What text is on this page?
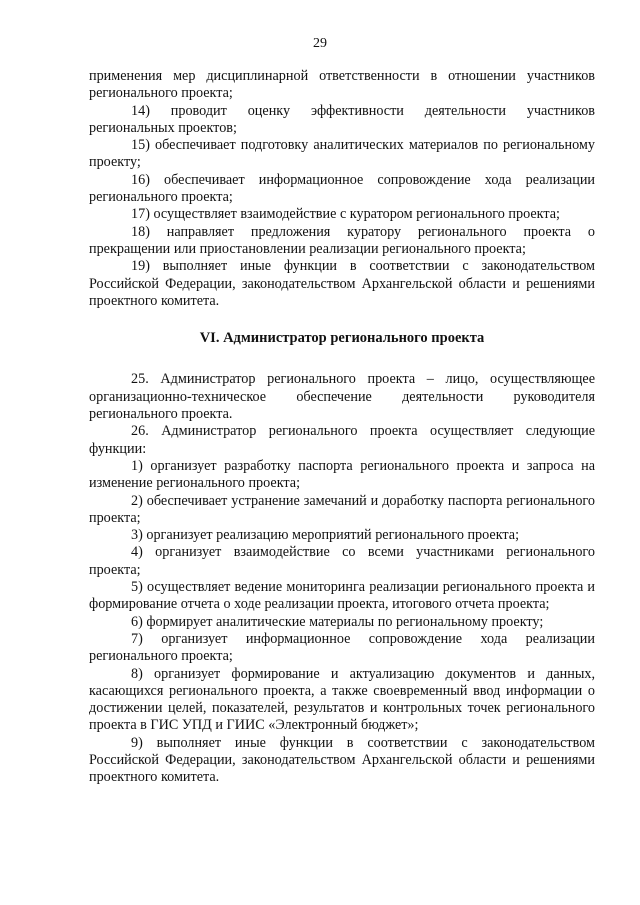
29

применения мер дисциплинарной ответственности в отношении участников регионального проекта;

14) проводит оценку эффективности деятельности участников региональных проектов;

15) обеспечивает подготовку аналитических материалов по региональному проекту;

16) обеспечивает информационное сопровождение хода реализации регионального проекта;

17) осуществляет взаимодействие с куратором регионального проекта;

18) направляет предложения куратору регионального проекта о прекращении или приостановлении реализации регионального проекта;

19) выполняет иные функции в соответствии с законодательством Российской Федерации, законодательством Архангельской области и решениями проектного комитета.

VI. Администратор регионального проекта

25. Администратор регионального проекта – лицо, осуществляющее организационно-техническое обеспечение деятельности руководителя регионального проекта.

26. Администратор регионального проекта осуществляет следующие функции:

1) организует разработку паспорта регионального проекта и запроса на изменение регионального проекта;

2) обеспечивает устранение замечаний и доработку паспорта регионального проекта;

3) организует реализацию мероприятий регионального проекта;

4) организует взаимодействие со всеми участниками регионального проекта;

5) осуществляет ведение мониторинга реализации регионального проекта и формирование отчета о ходе реализации проекта, итогового отчета проекта;

6) формирует аналитические материалы по региональному проекту;

7) организует информационное сопровождение хода реализации регионального проекта;

8) организует формирование и актуализацию документов и данных, касающихся регионального проекта, а также своевременный ввод информации о достижении целей, показателей, результатов и контрольных точек регионального проекта в ГИС УПД и ГИИС «Электронный бюджет»;

9) выполняет иные функции в соответствии с законодательством Российской Федерации, законодательством Архангельской области и решениями проектного комитета.
